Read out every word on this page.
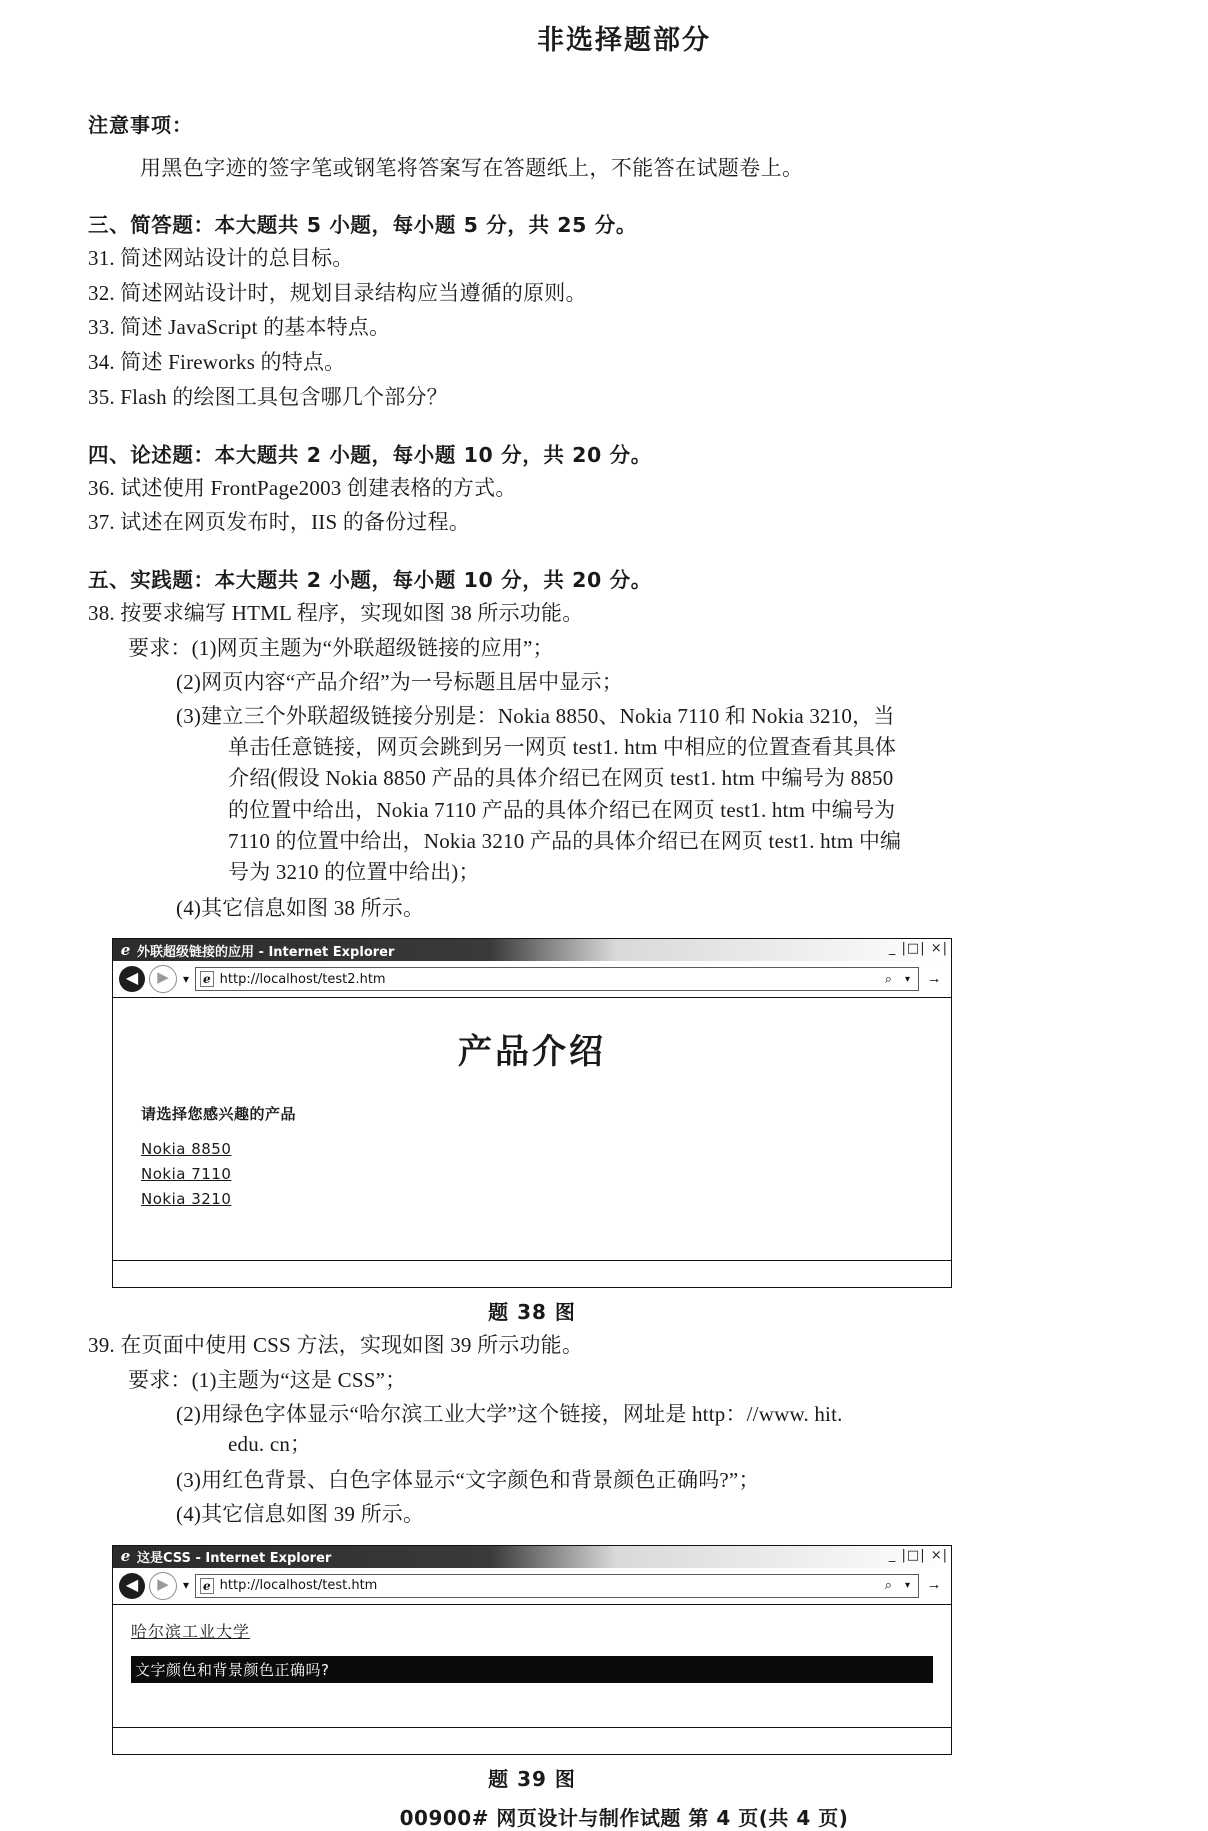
非选择题部分
注意事项：
用黑色字迹的签字笔或钢笔将答案写在答题纸上，不能答在试题卷上。
三、简答题：本大题共 5 小题，每小题 5 分，共 25 分。
31. 简述网站设计的总目标。
32. 简述网站设计时，规划目录结构应当遵循的原则。
33. 简述 JavaScript 的基本特点。
34. 简述 Fireworks 的特点。
35. Flash 的绘图工具包含哪几个部分？
四、论述题：本大题共 2 小题，每小题 10 分，共 20 分。
36. 试述使用 FrontPage2003 创建表格的方式。
37. 试述在网页发布时，IIS 的备份过程。
五、实践题：本大题共 2 小题，每小题 10 分，共 20 分。
38. 按要求编写 HTML 程序，实现如图 38 所示功能。
要求：(1)网页主题为“外联超级链接的应用”；
(2)网页内容“产品介绍”为一号标题且居中显示；
(3)建立三个外联超级链接分别是：Nokia 8850、Nokia 7110 和 Nokia 3210，当
单击任意链接，网页会跳到另一网页 test1. htm 中相应的位置查看其具体
介绍(假设 Nokia 8850 产品的具体介绍已在网页 test1. htm 中编号为 8850
的位置中给出，Nokia 7110 产品的具体介绍已在网页 test1. htm 中编号为
7110 的位置中给出，Nokia 3210 产品的具体介绍已在网页 test1. htm 中编
号为 3210 的位置中给出)；
(4)其它信息如图 38 所示。
e 外联超级链接的应用 - Internet Explorer	_ |□| ×|
◀	▶	▾ e http://localhost/test2.htm	⌕ ▾ →
产品介绍
请选择您感兴趣的产品
Nokia 8850
Nokia 7110
Nokia 3210
题 38 图
39. 在页面中使用 CSS 方法，实现如图 39 所示功能。
要求：(1)主题为“这是 CSS”；
(2)用绿色字体显示“哈尔滨工业大学”这个链接，网址是 http：//www. hit.
edu. cn；
(3)用红色背景、白色字体显示“文字颜色和背景颜色正确吗?”；
(4)其它信息如图 39 所示。
e 这是CSS - Internet Explorer	_ |□| ×|
◀	▶	▾ e http://localhost/test.htm	⌕ ▾ →
哈尔滨工业大学
文字颜色和背景颜色正确吗?
题 39 图
00900# 网页设计与制作试题 第 4 页(共 4 页)
